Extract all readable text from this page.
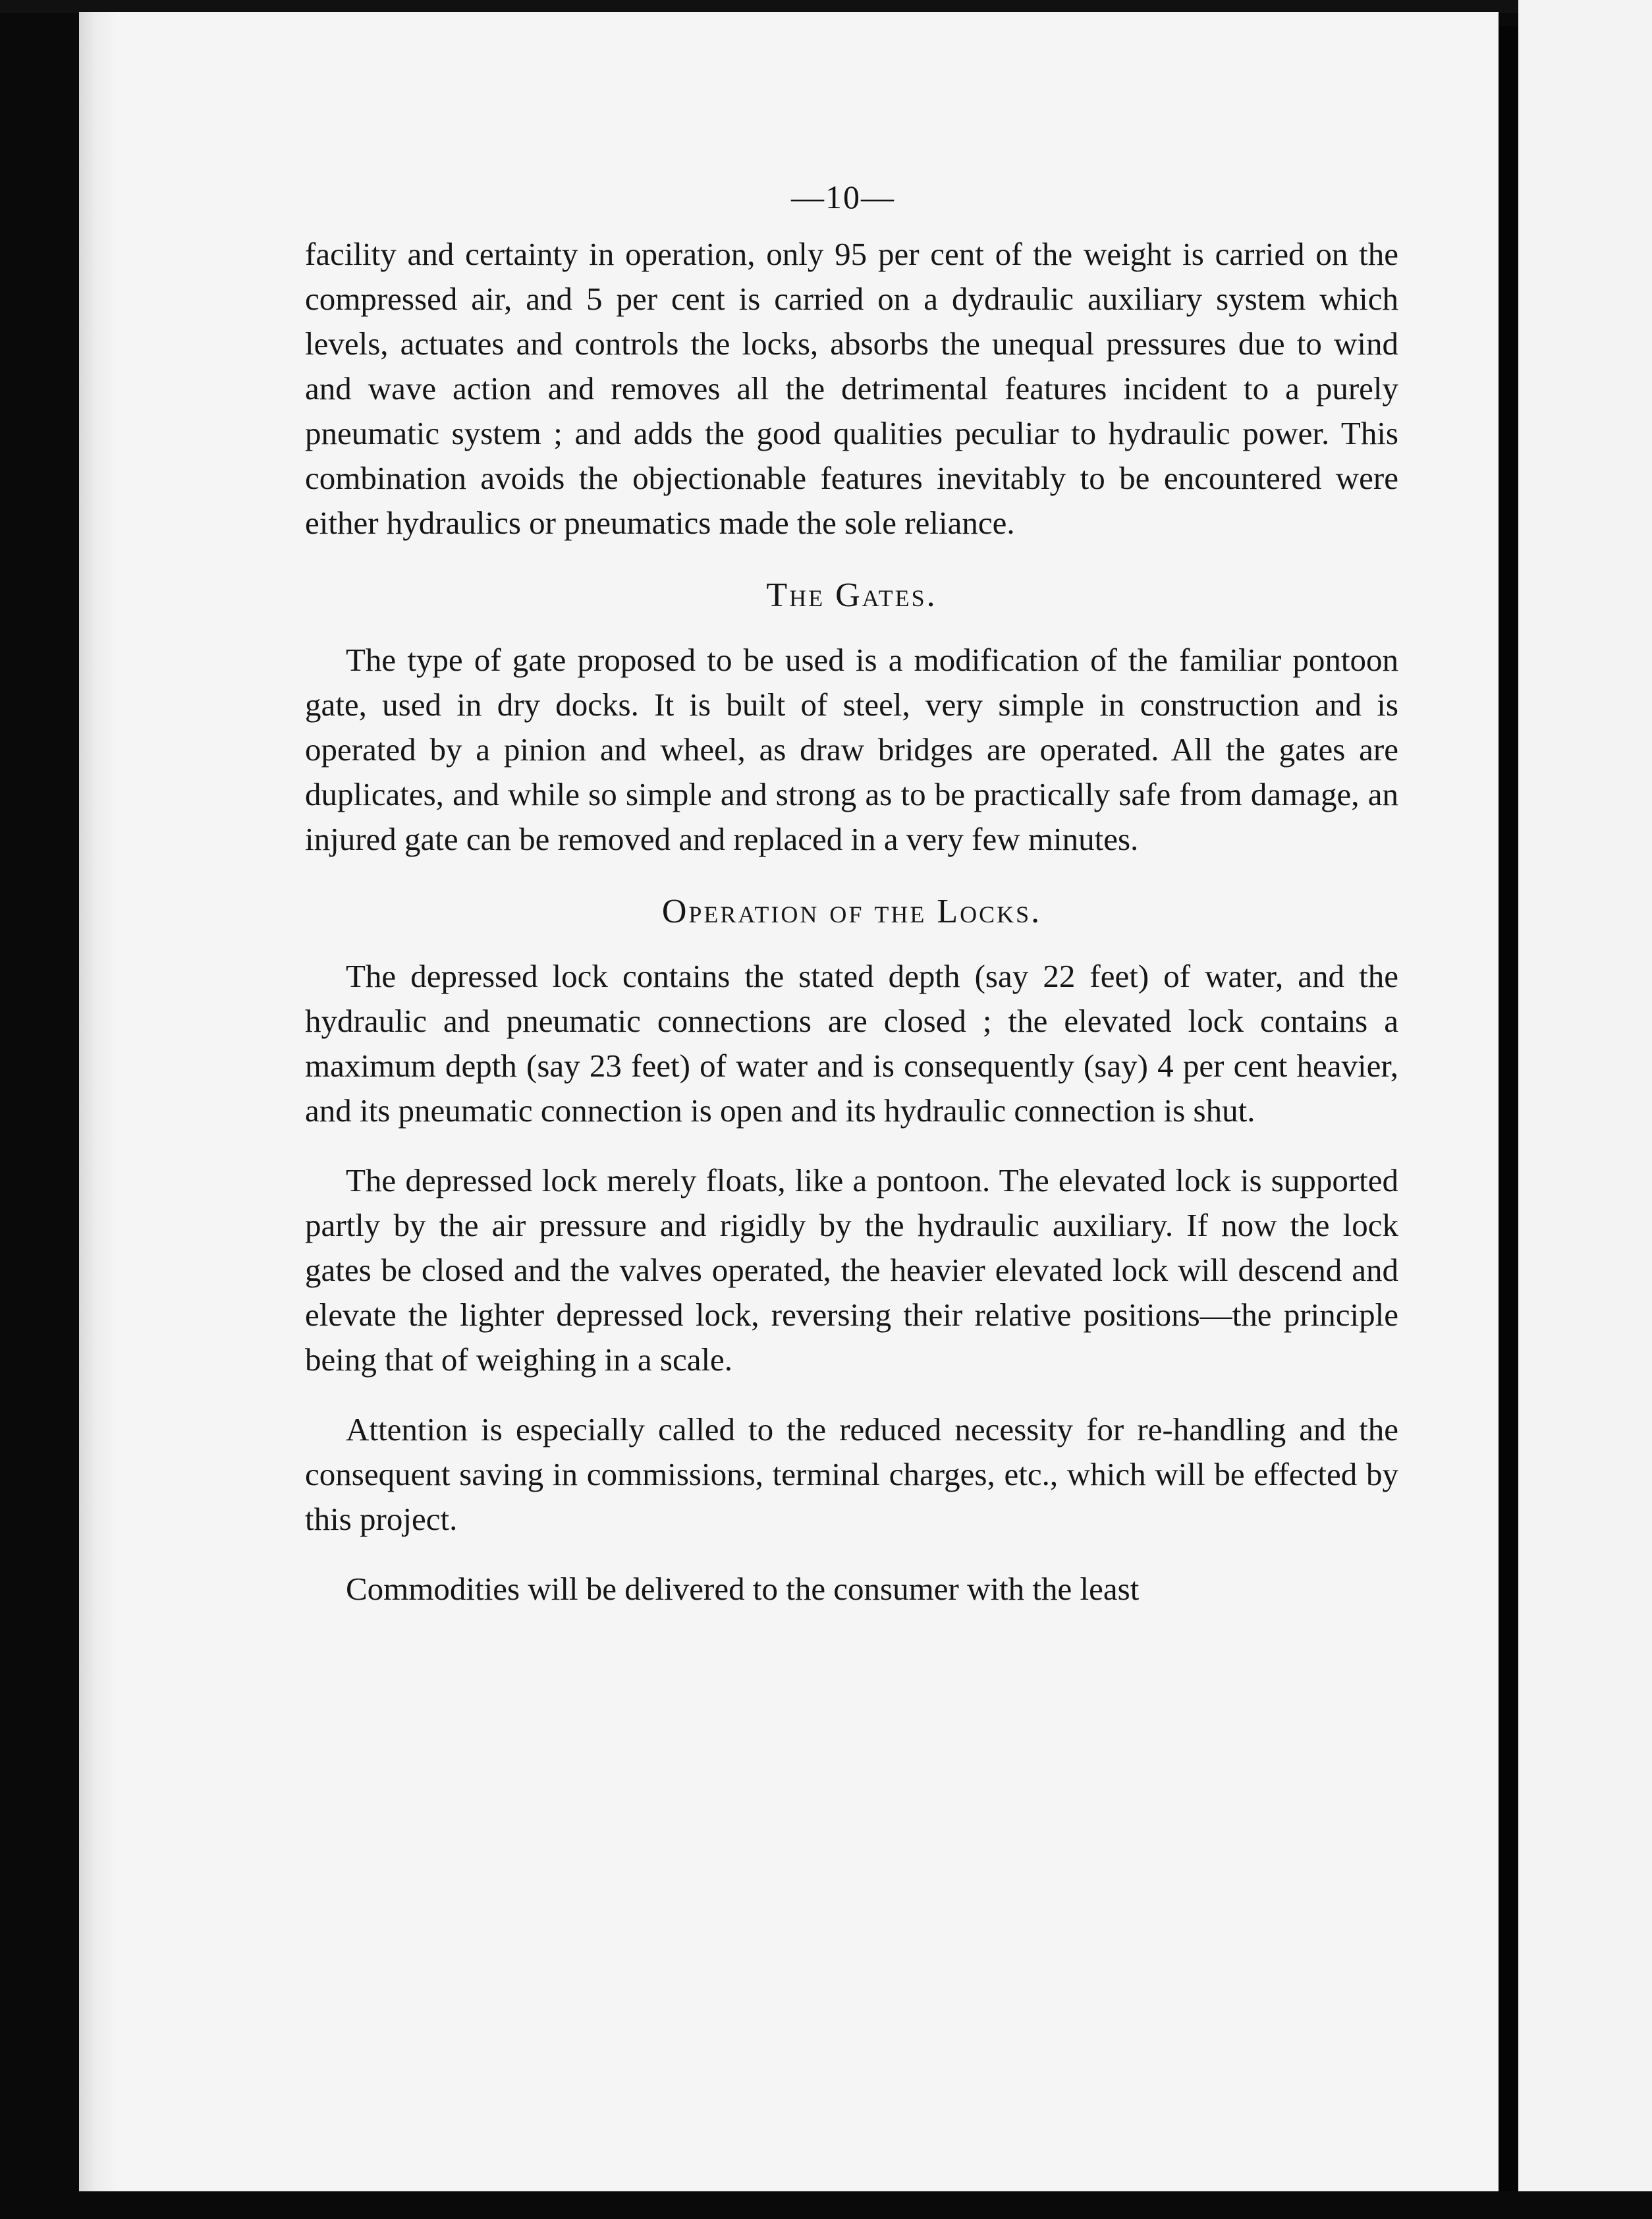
—10—

facility and certainty in operation, only 95 per cent of the weight is carried on the compressed air, and 5 per cent is carried on a dydraulic auxiliary system which levels, actuates and controls the locks, absorbs the unequal pressures due to wind and wave action and removes all the detrimental features incident to a purely pneumatic system ; and adds the good qualities peculiar to hydraulic power. This combination avoids the objectionable features inevitably to be encountered were either hydraulics or pneumatics made the sole reliance.

The Gates.

The type of gate proposed to be used is a modification of the familiar pontoon gate, used in dry docks. It is built of steel, very simple in construction and is operated by a pinion and wheel, as draw bridges are operated. All the gates are duplicates, and while so simple and strong as to be practically safe from damage, an injured gate can be removed and replaced in a very few minutes.

Operation of the Locks.

The depressed lock contains the stated depth (say 22 feet) of water, and the hydraulic and pneumatic connections are closed ; the elevated lock contains a maximum depth (say 23 feet) of water and is consequently (say) 4 per cent heavier, and its pneumatic connection is open and its hydraulic connection is shut.

The depressed lock merely floats, like a pontoon. The elevated lock is supported partly by the air pressure and rigidly by the hydraulic auxiliary. If now the lock gates be closed and the valves operated, the heavier elevated lock will descend and elevate the lighter depressed lock, reversing their relative positions—the principle being that of weighing in a scale.

Attention is especially called to the reduced necessity for re-handling and the consequent saving in commissions, terminal charges, etc., which will be effected by this project.

Commodities will be delivered to the consumer with the least
